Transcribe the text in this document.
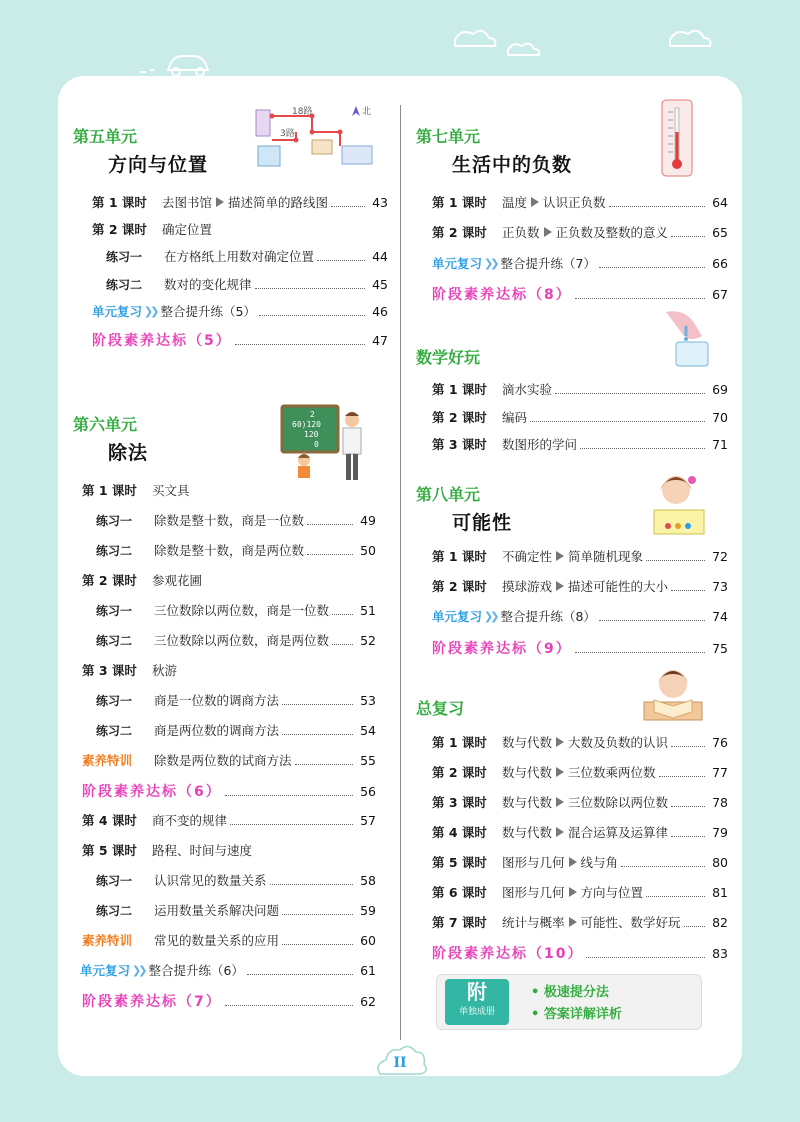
第五单元
方向与位置
18路
3路
北
第 1 课时	去图书馆 描述简单的路线图	43
第 2 课时	确定位置
练习一	在方格纸上用数对确定位置	44
练习二	数对的变化规律	45
单元复习 ❯❯ 整合提升练（5）	46
阶段素养达标（5）	47
第六单元
除法
2
60)120
120
0
第 1 课时	买文具
练习一	除数是整十数，商是一位数	49
练习二	除数是整十数，商是两位数	50
第 2 课时	参观花圃
练习一	三位数除以两位数，商是一位数	51
练习二	三位数除以两位数，商是两位数	52
第 3 课时	秋游
练习一	商是一位数的调商方法	53
练习二	商是两位数的调商方法	54
素养特训	除数是两位数的试商方法	55
阶段素养达标（6）	56
第 4 课时	商不变的规律	57
第 5 课时	路程、时间与速度
练习一	认识常见的数量关系	58
练习二	运用数量关系解决问题	59
素养特训	常见的数量关系的应用	60
单元复习 ❯❯ 整合提升练（6）	61
阶段素养达标（7）	62
第七单元
生活中的负数
第 1 课时	温度 认识正负数	64
第 2 课时	正负数 正负数及整数的意义	65
单元复习 ❯❯ 整合提升练（7）	66
阶段素养达标（8）	67
数学好玩
第 1 课时	滴水实验	69
第 2 课时	编码	70
第 3 课时	数图形的学问	71
第八单元
可能性
第 1 课时	不确定性 简单随机现象	72
第 2 课时	摸球游戏 描述可能性的大小	73
单元复习 ❯❯ 整合提升练（8）	74
阶段素养达标（9）	75
总复习
第 1 课时	数与代数 大数及负数的认识	76
第 2 课时	数与代数 三位数乘两位数	77
第 3 课时	数与代数 三位数除以两位数	78
第 4 课时	数与代数 混合运算及运算律	79
第 5 课时	图形与几何 线与角	80
第 6 课时	图形与几何 方向与位置	81
第 7 课时	统计与概率 可能性、数学好玩	82
阶段素养达标（10）	83
附
单独成册
• 极速提分法
• 答案详解详析
II
